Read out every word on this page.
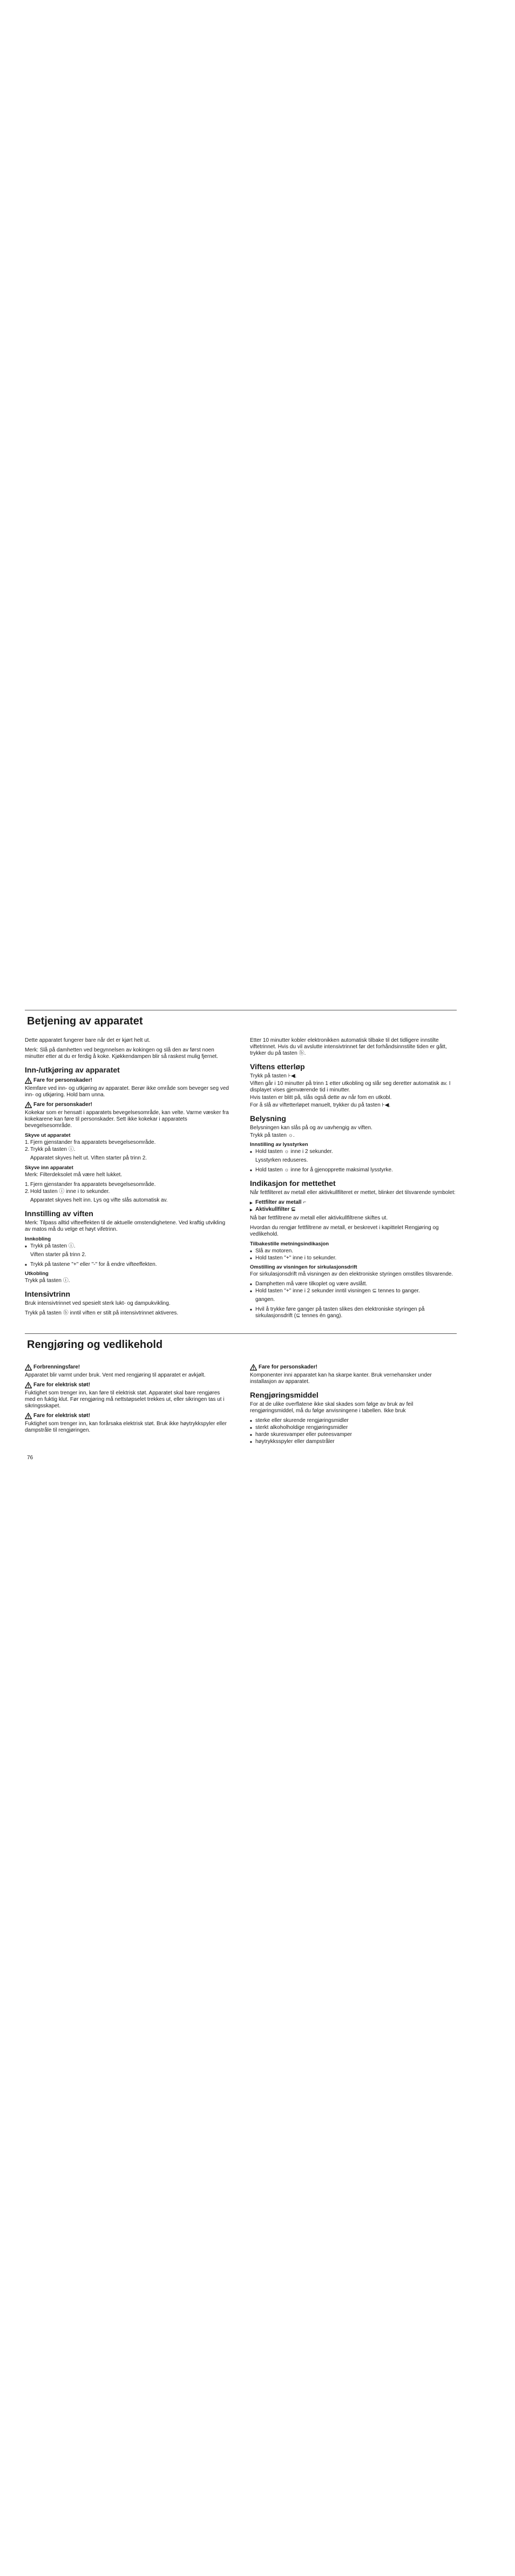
Betjening av apparatet

Dette apparatet fungerer bare når det er kjørt helt ut.

Merk: Slå på damhetten ved begynnelsen av kokingen og slå den av først noen minutter etter at du er ferdig å koke. Kjøkkendampen blir så raskest mulig fjernet.

Inn-/utkjøring av apparatet
Fare for personskader!

Klemfare ved inn- og utkjøring av apparatet. Berør ikke område som beveger seg ved inn- og utkjøring. Hold barn unna.

Fare for personskader!

Kokekar som er hensatt i apparatets bevegelsesområde, kan velte. Varme væsker fra kokekarene kan føre til personskader. Sett ikke kokekar i apparatets bevegelsesområde.

Skyve ut apparatet
1. Fjern gjenstander fra apparatets bevegelsesområde.
2. Trykk på tasten ⓘ.

Apparatet skyves helt ut. Viften starter på trinn 2.

Skyve inn apparatet

Merk: Filterdeksolet må være helt lukket.

1. Fjern gjenstander fra apparatets bevegelsesområde.
2. Hold tasten ⓘ inne i to sekunder.

Apparatet skyves helt inn. Lys og vifte slås automatisk av.

Innstilling av viften

Merk: Tilpass alltid vifteeffekten til de aktuelle omstendighetene. Ved kraftig utvikling av matos må du velge et høyt vifetrinn.

Innkobling
■ Trykk på tasten ⓘ.

Viften starter på trinn 2.

■ Trykk på tastene "+" eller "-" for å endre vifteeffekten.
Utkobling

Trykk på tasten ⓘ.

Intensivtrinn

Bruk intensivtrinnet ved spesielt sterk lukt- og dampukvikling.

Trykk på tasten ⓑ inntil viften er stilt på intensivtrinnet aktiveres.

Etter 10 minutter kobler elektronikken automatisk tilbake til det tidligere innstilte viftetrinnet. Hvis du vil avslutte intensivtrinnet før det forhåndsinnstilte tiden er gått, trykker du på tasten ⓑ.

Viftens etterløp

Trykk på tasten ⊦◀.

Viften går i 10 minutter på trinn 1 etter utkobling og slår seg deretter automatisk av. I displayet vises gjenværende tid i minutter.

Hvis tasten er blitt på, slås også dette av når fom en utkobl.

For å slå av viftetterløpet manuelt, trykker du på tasten ⊦◀.

Belysning

Belysningen kan slås på og av uavhengig av viften.

Trykk på tasten ☼.

Innstilling av lysstyrken
■ Hold tasten ☼ inne i 2 sekunder.

Lysstyrken reduseres.

■ Hold tasten ☼ inne for å gjenopprette maksimal lysstyrke.
Indikasjon for mettethet

Når fettfilteret av metall eller aktivkullfilteret er mettet, blinker det tilsvarende symbolet:

▸ Fettfilter av metall ⌐
▸ Aktivkullfilter ⊆

Nå bør fettfiltrene av metall eller aktivkullfiltrene skiftes ut.

Hvordan du rengjør fettfiltrene av metall, er beskrevet i kapittelet Rengjøring og vedlikehold.

Tilbakestille metningsindikasjon
■ Slå av motoren.
■ Hold tasten "+" inne i to sekunder.
Omstilling av visningen for sirkulasjonsdrift

For sirkulasjonsdrift må visningen av den elektroniske styringen omstilles tilsvarende.

■ Damphetten må være tilkoplet og være avslått.
■ Hold tasten "+" inne i 2 sekunder inntil visningen ⊆ tennes to ganger.

gangen.

■ Hvil å trykke føre ganger på tasten slikes den elektroniske styringen på sirkulasjonsdrift (⊆ tennes én gang).
Rengjøring og vedlikehold
Forbrenningsfare!

Apparatet blir varmt under bruk. Vent med rengjøring til apparatet er avkjølt.

Fare for elektrisk støt!

Fuktighet som trenger inn, kan føre til elektrisk støt. Apparatet skal bare rengjøres med en fuktig klut. Før rengjøring må nettstøpselet trekkes ut, eller sikringen tas ut i sikringsskapet.

Fare for elektrisk støt!

Fuktighet som trenger inn, kan forårsaka elektrisk støt. Bruk ikke høytrykkspyler eller dampstråle til rengjøringen.

Fare for personskader!

Komponenter inni apparatet kan ha skarpe kanter. Bruk vernehansker under installasjon av apparatet.

Rengjøringsmiddel

For at de ulike overflatene ikke skal skades som følge av bruk av feil rengjøringsmiddel, må du følge anvisningene i tabellen. Ikke bruk

■ sterke eller skurende rengjøringsmidler
■ sterkt alkoholholdige rengjøringsmidler
■ harde skuresvamper eller puteesvamper
■ høytrykksspyler eller dampstråler
76
